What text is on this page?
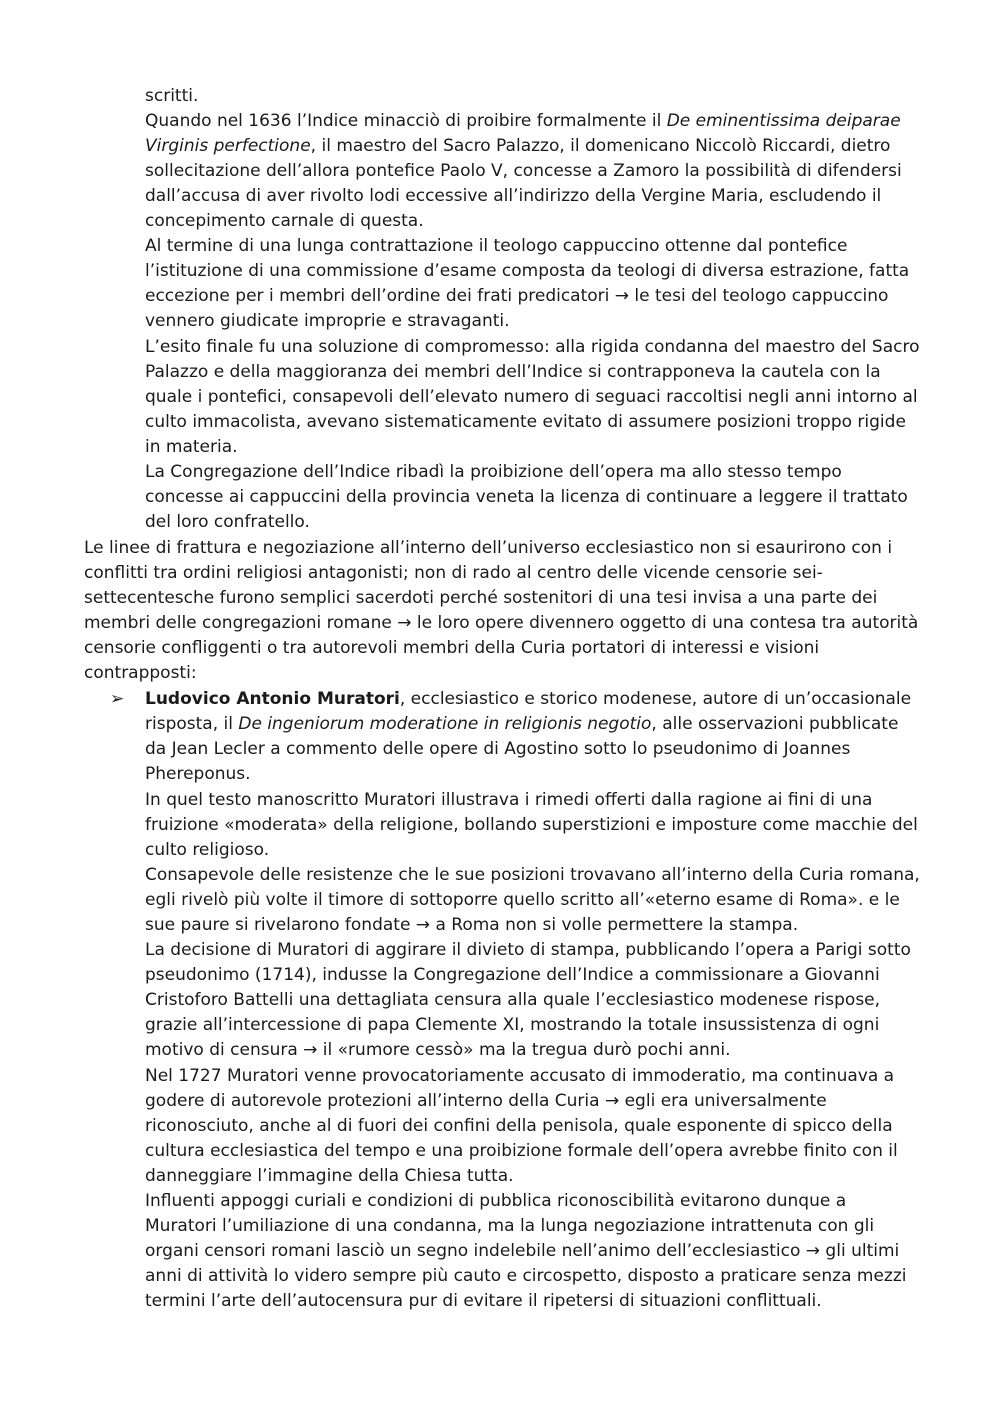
scritti.

Quando nel 1636 l’Indice minacciò di proibire formalmente il De eminentissima deiparae Virginis perfectione, il maestro del Sacro Palazzo, il domenicano Niccolò Riccardi, dietro sollecitazione dell’allora pontefice Paolo V, concesse a Zamoro la possibilità di difendersi dall’accusa di aver rivolto lodi eccessive all’indirizzo della Vergine Maria, escludendo il concepimento carnale di questa.

Al termine di una lunga contrattazione il teologo cappuccino ottenne dal pontefice l’istituzione di una commissione d’esame composta da teologi di diversa estrazione, fatta eccezione per i membri dell’ordine dei frati predicatori → le tesi del teologo cappuccino vennero giudicate improprie e stravaganti.

L’esito finale fu una soluzione di compromesso: alla rigida condanna del maestro del Sacro Palazzo e della maggioranza dei membri dell’Indice si contrapponeva la cautela con la quale i pontefici, consapevoli dell’elevato numero di seguaci raccoltisi negli anni intorno al culto immacolista, avevano sistematicamente evitato di assumere posizioni troppo rigide in materia.

La Congregazione dell’Indice ribadì la proibizione dell’opera ma allo stesso tempo concesse ai cappuccini della provincia veneta la licenza di continuare a leggere il trattato del loro confratello.

Le linee di frattura e negoziazione all’interno dell’universo ecclesiastico non si esaurirono con i conflitti tra ordini religiosi antagonisti; non di rado al centro delle vicende censorie sei-settecentesche furono semplici sacerdoti perché sostenitori di una tesi invisa a una parte dei membri delle congregazioni romane → le loro opere divennero oggetto di una contesa tra autorità censorie confliggenti o tra autorevoli membri della Curia portatori di interessi e visioni contrapposti:

➢ Ludovico Antonio Muratori, ecclesiastico e storico modenese, autore di un’occasionale risposta, il De ingeniorum moderatione in religionis negotio, alle osservazioni pubblicate da Jean Lecler a commento delle opere di Agostino sotto lo pseudonimo di Joannes Phereponus.

In quel testo manoscritto Muratori illustrava i rimedi offerti dalla ragione ai fini di una fruizione «moderata» della religione, bollando superstizioni e imposture come macchie del culto religioso.

Consapevole delle resistenze che le sue posizioni trovavano all’interno della Curia romana, egli rivelò più volte il timore di sottoporre quello scritto all’«eterno esame di Roma». e le sue paure si rivelarono fondate → a Roma non si volle permettere la stampa.

La decisione di Muratori di aggirare il divieto di stampa, pubblicando l’opera a Parigi sotto pseudonimo (1714), indusse la Congregazione dell’Indice a commissionare a Giovanni Cristoforo Battelli una dettagliata censura alla quale l’ecclesiastico modenese rispose, grazie all’intercessione di papa Clemente XI, mostrando la totale insussistenza di ogni motivo di censura → il «rumore cessò» ma la tregua durò pochi anni.

Nel 1727 Muratori venne provocatoriamente accusato di immoderatio, ma continuava a godere di autorevole protezioni all’interno della Curia → egli era universalmente riconosciuto, anche al di fuori dei confini della penisola, quale esponente di spicco della cultura ecclesiastica del tempo e una proibizione formale dell’opera avrebbe finito con il danneggiare l’immagine della Chiesa tutta.

Influenti appoggi curiali e condizioni di pubblica riconoscibilità evitarono dunque a Muratori l’umiliazione di una condanna, ma la lunga negoziazione intrattenuta con gli organi censori romani lasciò un segno indelebile nell’animo dell’ecclesiastico → gli ultimi anni di attività lo videro sempre più cauto e circospetto, disposto a praticare senza mezzi termini l’arte dell’autocensura pur di evitare il ripetersi di situazioni conflittuali.
